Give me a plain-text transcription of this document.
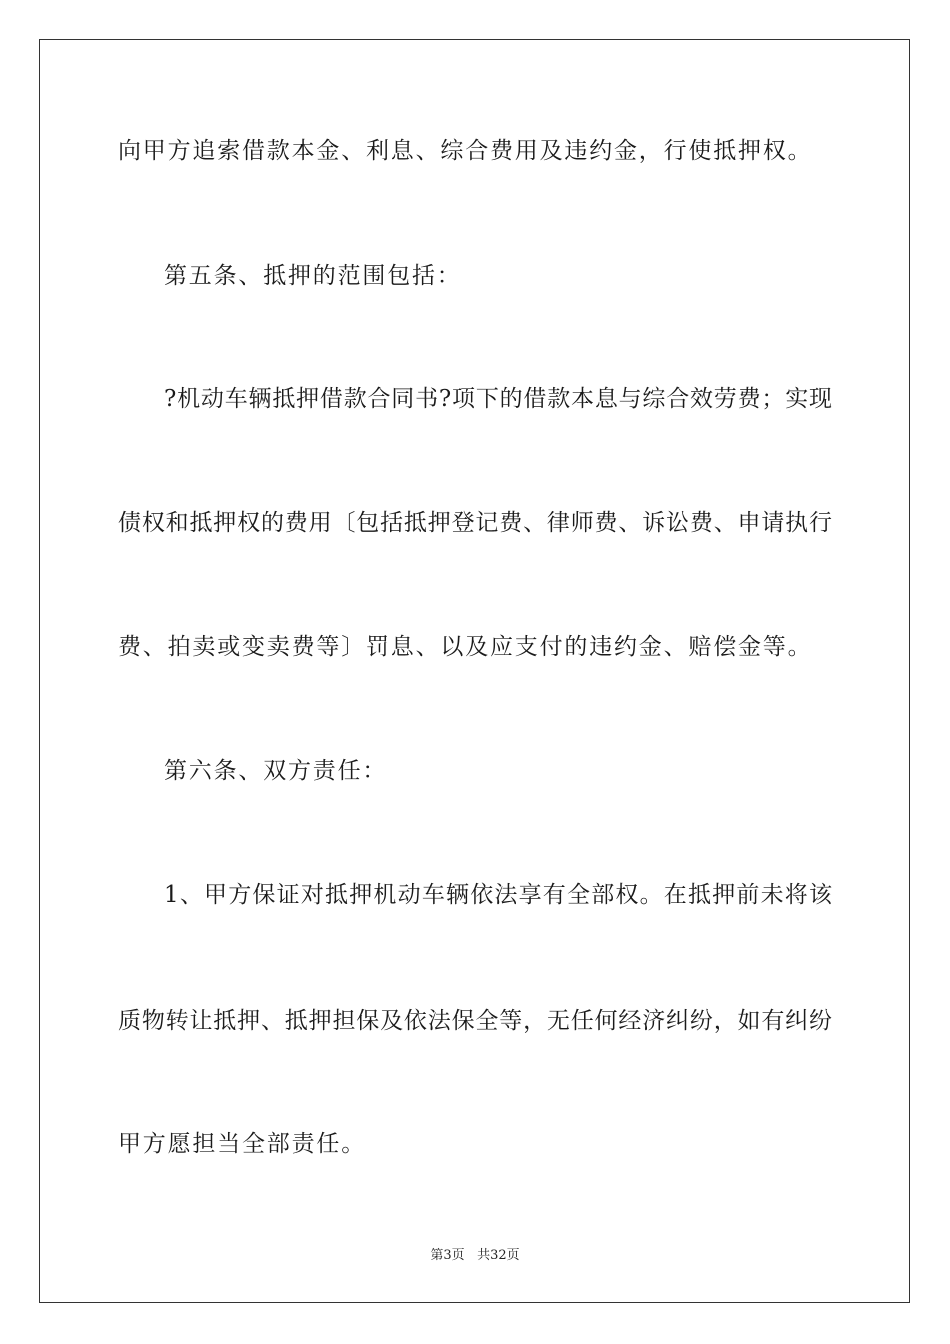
向甲方追索借款本金、利息、综合费用及违约金，行使抵押权。
第五条、抵押的范围包括：
?机动车辆抵押借款合同书?项下的借款本息与综合效劳费；实现
债权和抵押权的费用〔包括抵押登记费、律师费、诉讼费、申请执行
费、拍卖或变卖费等〕罚息、以及应支付的违约金、赔偿金等。
第六条、双方责任：
1、甲方保证对抵押机动车辆依法享有全部权。在抵押前未将该
质物转让抵押、抵押担保及依法保全等，无任何经济纠纷，如有纠纷
甲方愿担当全部责任。
第3页 共32页
